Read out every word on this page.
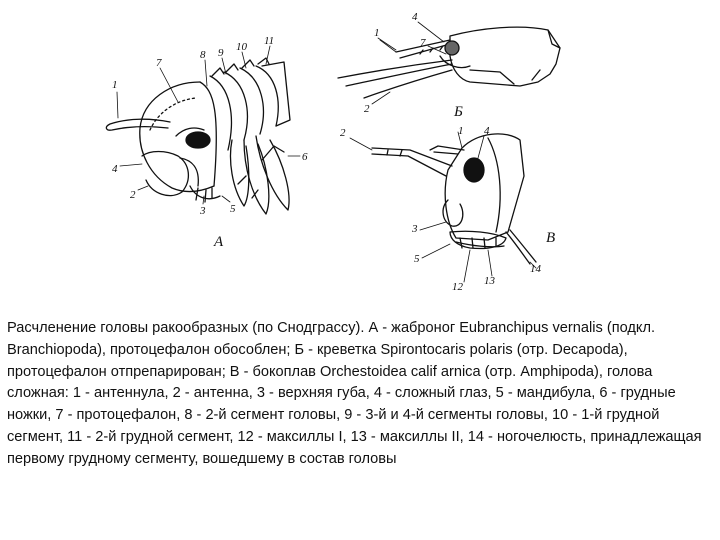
1
2
3
4
5
6
7
8 9 10 11
А
1
2
4
7
Б
1
2
3
4
5
12 13
14
В

Расчленение головы ракообразных (по Снодграссу). А - жаброног Eubranchipus vernalis (подкл. Branchiopoda), протоцефалон обособлен; Б - креветка Spirontocaris polaris (отр. Decapoda), протоцефалон отпрепарирован; В - бокоплав Orchestoidea calif arnica (отр. Amphipoda), голова сложная: 1 - антеннула, 2 - антенна, 3 - верхняя губа, 4 - сложный глаз, 5 - мандибула, 6 - грудные ножки, 7 - протоцефалон, 8 - 2-й сегмент головы, 9 - 3-й и 4-й сегменты головы, 10 - 1-й грудной сегмент, 11 - 2-й грудной сегмент, 12 - максиллы I, 13 - максиллы II, 14 - ногочелюсть, принадлежащая первому грудному сегменту, вошедшему в состав головы
